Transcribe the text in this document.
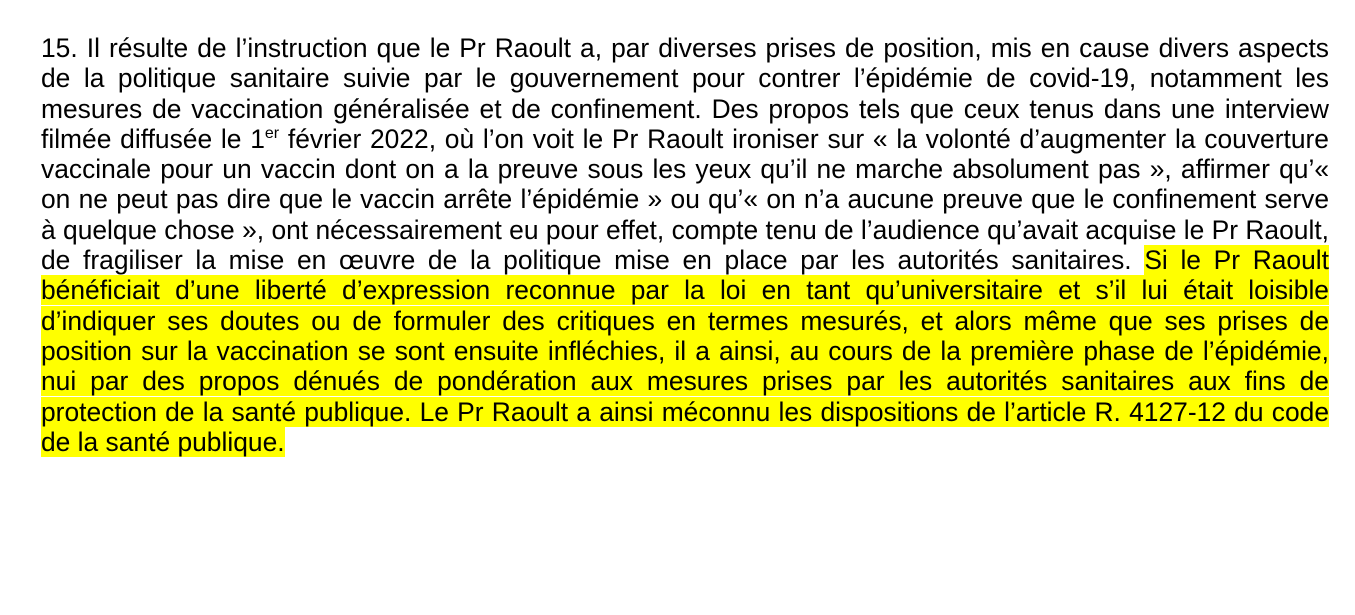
15. Il résulte de l’instruction que le Pr Raoult a, par diverses prises de position, mis en cause divers aspects de la politique sanitaire suivie par le gouvernement pour contrer l’épidémie de covid-19, notamment les mesures de vaccination généralisée et de confinement. Des propos tels que ceux tenus dans une interview filmée diffusée le 1er février 2022, où l’on voit le Pr Raoult ironiser sur « la volonté d’augmenter la couverture vaccinale pour un vaccin dont on a la preuve sous les yeux qu’il ne marche absolument pas », affirmer qu’« on ne peut pas dire que le vaccin arrête l’épidémie » ou qu’« on n’a aucune preuve que le confinement serve à quelque chose », ont nécessairement eu pour effet, compte tenu de l’audience qu’avait acquise le Pr Raoult, de fragiliser la mise en œuvre de la politique mise en place par les autorités sanitaires. Si le Pr Raoult bénéficiait d’une liberté d’expression reconnue par la loi en tant qu’universitaire et s’il lui était loisible d’indiquer ses doutes ou de formuler des critiques en termes mesurés, et alors même que ses prises de position sur la vaccination se sont ensuite infléchies, il a ainsi, au cours de la première phase de l’épidémie, nui par des propos dénués de pondération aux mesures prises par les autorités sanitaires aux fins de protection de la santé publique. Le Pr Raoult a ainsi méconnu les dispositions de l’article R. 4127-12 du code de la santé publique.
